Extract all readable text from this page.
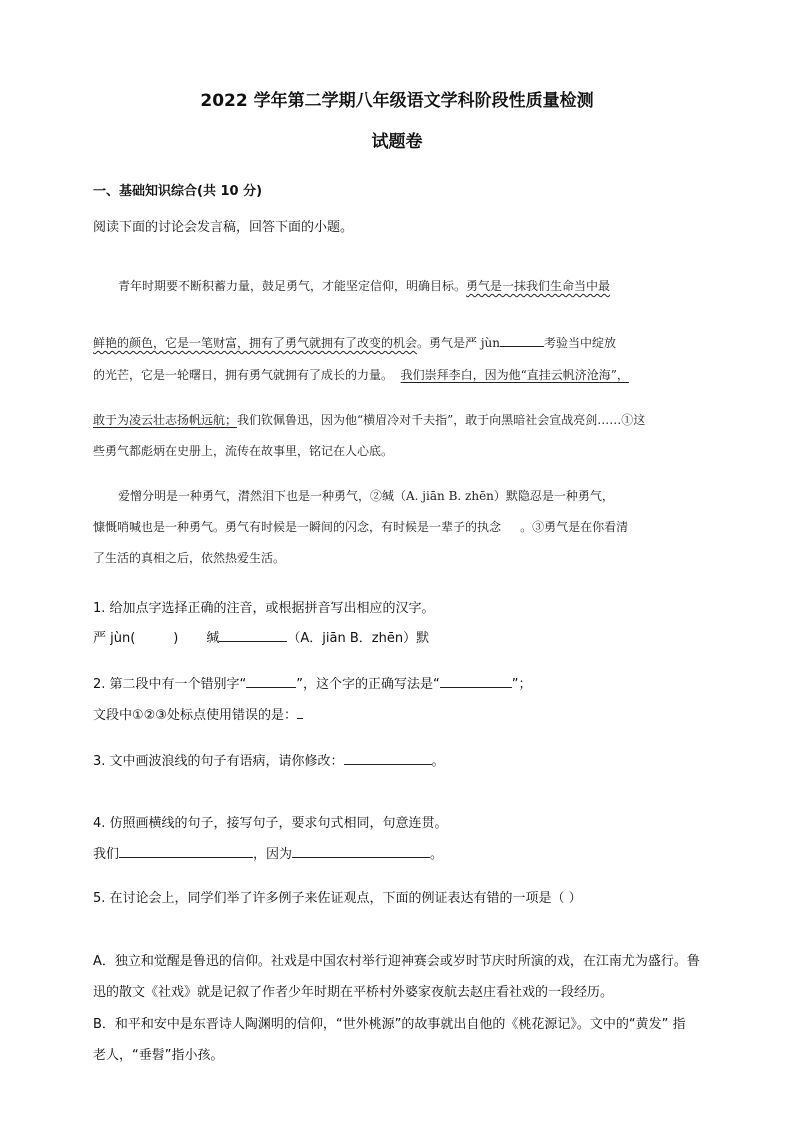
2022 学年第二学期八年级语文学科阶段性质量检测
试题卷
一、基础知识综合(共 10 分)
阅读下面的讨论会发言稿，回答下面的小题。
青年时期要不断积蓄力量，鼓足勇气，才能坚定信仰，明确目标。勇气是一抹我们生命当中最
鲜艳的颜色，它是一笔财富，拥有了勇气就拥有了改变的机会。勇气是严 jùn	考验当中绽放
的光芒，它是一轮曙日，拥有勇气就拥有了成长的力量。 我们崇拜李白，因为他“直挂云帆济沧海”，
敢于为凌云壮志扬帆远航；我们钦佩鲁迅，因为他“横眉冷对千夫指”，敢于向黑暗社会宣战亮剑……①这
些勇气都彪炳在史册上，流传在故事里，铭记在人心底。
爱憎分明是一种勇气，潸然泪下也是一种勇气，②缄（A. jiān B. zhēn）默隐忍是一种勇气，
慷慨哨喊也是一种勇气。勇气有时候是一瞬间的闪念，有时候是一辈子的执念 。③勇气是在你看清
了生活的真相之后，依然热爱生活。
1. 给加点字选择正确的注音，或根据拼音写出相应的汉字。
严 jùn(	) 缄	（A．jiān B．zhēn）默
2. 第二段中有一个错别字“	”，这个字的正确写法是“	”；
文段中①②③处标点使用错误的是：
3. 文中画波浪线的句子有语病，请你修改：	。
4. 仿照画横线的句子，接写句子，要求句式相同，句意连贯。
我们	，因为	。
5. 在讨论会上，同学们举了许多例子来佐证观点，下面的例证表达有错的一项是（ ）
A．独立和觉醒是鲁迅的信仰。社戏是中国农村举行迎神赛会或岁时节庆时所演的戏，在江南尤为盛行。鲁
迅的散文《社戏》就是记叙了作者少年时期在平桥村外婆家夜航去赵庄看社戏的一段经历。
B．和平和安中是东晋诗人陶渊明的信仰，“世外桃源”的故事就出自他的《桃花源记》。文中的“黄发” 指
老人，“垂髫”指小孩。
